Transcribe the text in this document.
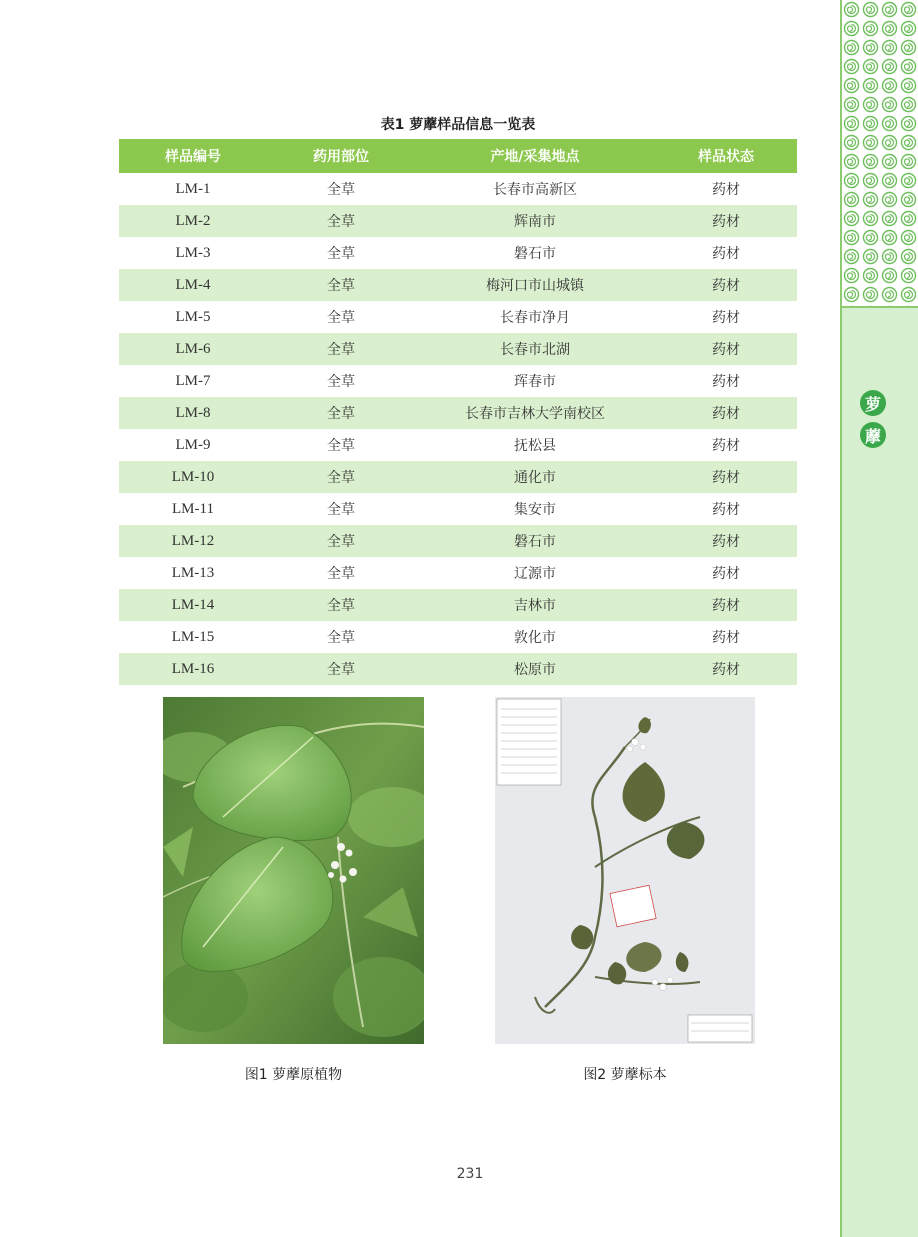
萝
藦
表1 萝藦样品信息一览表
样品编号	药用部位	产地/采集地点	样品状态
LM-1	全草	长春市高新区	药材
LM-2	全草	辉南市	药材
LM-3	全草	磐石市	药材
LM-4	全草	梅河口市山城镇	药材
LM-5	全草	长春市净月	药材
LM-6	全草	长春市北湖	药材
LM-7	全草	珲春市	药材
LM-8	全草	长春市吉林大学南校区	药材
LM-9	全草	抚松县	药材
LM-10	全草	通化市	药材
LM-11	全草	集安市	药材
LM-12	全草	磐石市	药材
LM-13	全草	辽源市	药材
LM-14	全草	吉林市	药材
LM-15	全草	敦化市	药材
LM-16	全草	松原市	药材
图1 萝藦原植物	图2 萝藦标本
231
